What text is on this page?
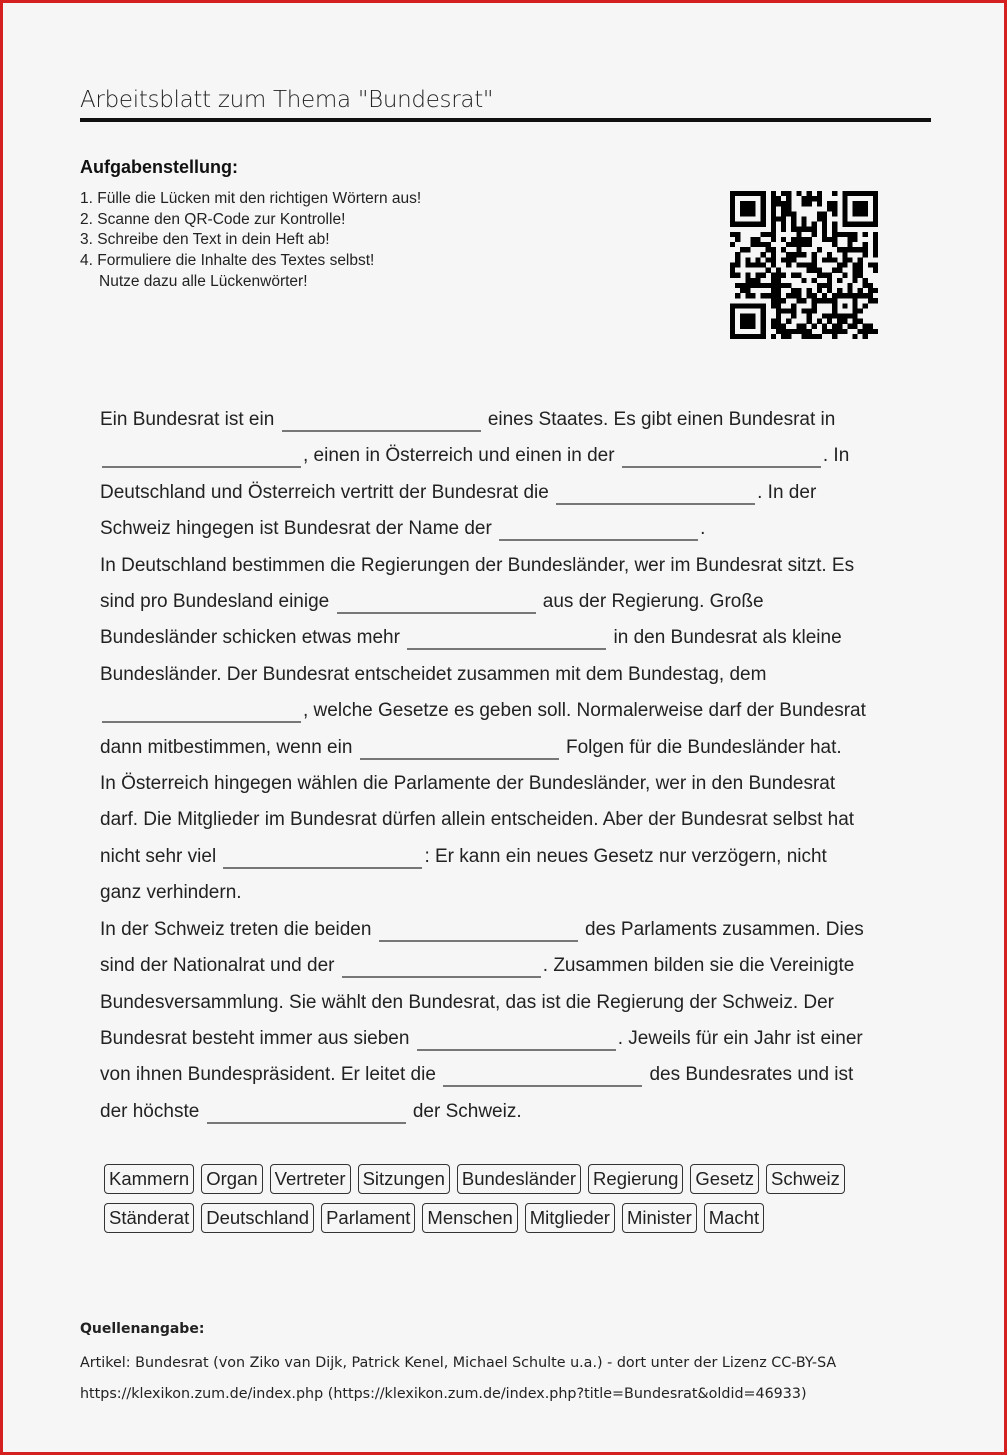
Arbeitsblatt zum Thema "Bundesrat"
Aufgabenstellung:
1. Fülle die Lücken mit den richtigen Wörtern aus!
2. Scanne den QR-Code zur Kontrolle!
3. Schreibe den Text in dein Heft ab!
4. Formuliere die Inhalte des Textes selbst!
Nutze dazu alle Lückenwörter!
Ein Bundesrat ist ein	eines Staates. Es gibt einen Bundesrat in
, einen in Österreich und einen in der	. In
Deutschland und Österreich vertritt der Bundesrat die	. In der
Schweiz hingegen ist Bundesrat der Name der	.
In Deutschland bestimmen die Regierungen der Bundesländer, wer im Bundesrat sitzt. Es
sind pro Bundesland einige	aus der Regierung. Große
Bundesländer schicken etwas mehr	in den Bundesrat als kleine
Bundesländer. Der Bundesrat entscheidet zusammen mit dem Bundestag, dem
, welche Gesetze es geben soll. Normalerweise darf der Bundesrat
dann mitbestimmen, wenn ein	Folgen für die Bundesländer hat.
In Österreich hingegen wählen die Parlamente der Bundesländer, wer in den Bundesrat
darf. Die Mitglieder im Bundesrat dürfen allein entscheiden. Aber der Bundesrat selbst hat
nicht sehr viel	: Er kann ein neues Gesetz nur verzögern, nicht
ganz verhindern.
In der Schweiz treten die beiden	des Parlaments zusammen. Dies
sind der Nationalrat und der	. Zusammen bilden sie die Vereinigte
Bundesversammlung. Sie wählt den Bundesrat, das ist die Regierung der Schweiz. Der
Bundesrat besteht immer aus sieben	. Jeweils für ein Jahr ist einer
von ihnen Bundespräsident. Er leitet die	des Bundesrates und ist
der höchste	der Schweiz.
Kammern Organ Vertreter Sitzungen Bundesländer Regierung Gesetz Schweiz
Ständerat Deutschland Parlament Menschen Mitglieder Minister Macht
Quellenangabe:
Artikel: Bundesrat (von Ziko van Dijk, Patrick Kenel, Michael Schulte u.a.) - dort unter der Lizenz CC-BY-SA
https://klexikon.zum.de/index.php (https://klexikon.zum.de/index.php?title=Bundesrat&oldid=46933)
